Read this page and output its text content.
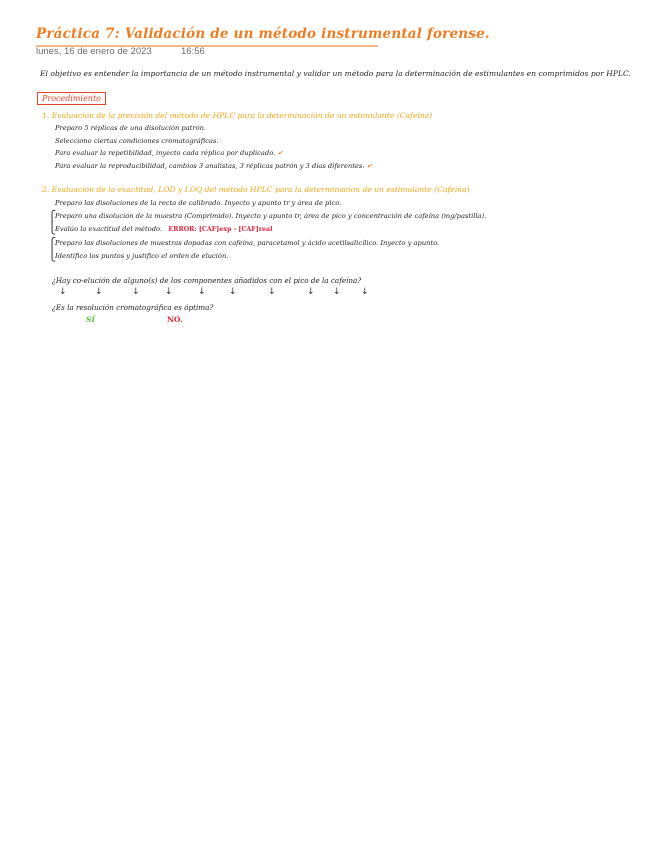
Práctica 7: Validación de un método instrumental forense.
lunes, 16 de enero de 2023	16:56
El objetivo es entender la importancia de un método instrumental y validar un método para la determinación de estimulantes en comprimidos por HPLC.
Procedimiento
1. Evaluación de la precisión del método de HPLC para la determinación de un estimulante (Cafeína)
Preparo 5 réplicas de una disolución patrón.
Selecciono ciertas condiciones cromatográficas.
Para evaluar la repetibilidad, inyecto cada réplica por duplicado. ✔
Para evaluar la reproducibilidad, cambios 3 analistas, 3 réplicas patrón y 3 días diferentes. ✔
2. Evaluación de la exactitud, LOD y LOQ del método HPLC para la determinación de un estimulante (Cafeína)
Preparo las disoluciones de la recta de calibrado. Inyecto y apunto tr y área de pico.
⎧
Preparo una disolución de la muestra (Comprimido). Inyecto y apunto tr, área de pico y concentración de cafeína (mg/pastilla).
⎩
Evalúo la exactitud del método. ERROR: [CAF]exp - [CAF]real
⎧
Preparo las disoluciones de muestras dopadas con cafeína, paracetamol y ácido acetilsalicílico. Inyecto y apunto.
⎩
Identifico los puntos y justifico el orden de elución.
¿Hay co-elución de alguno(s) de los componentes añadidos con el pico de la cafeína?
↓	↓	↓	↓	↓	↓	↓	↓ ↓ ↓
¿Es la resolución cromatográfica es óptima?
SÍ	NO.
